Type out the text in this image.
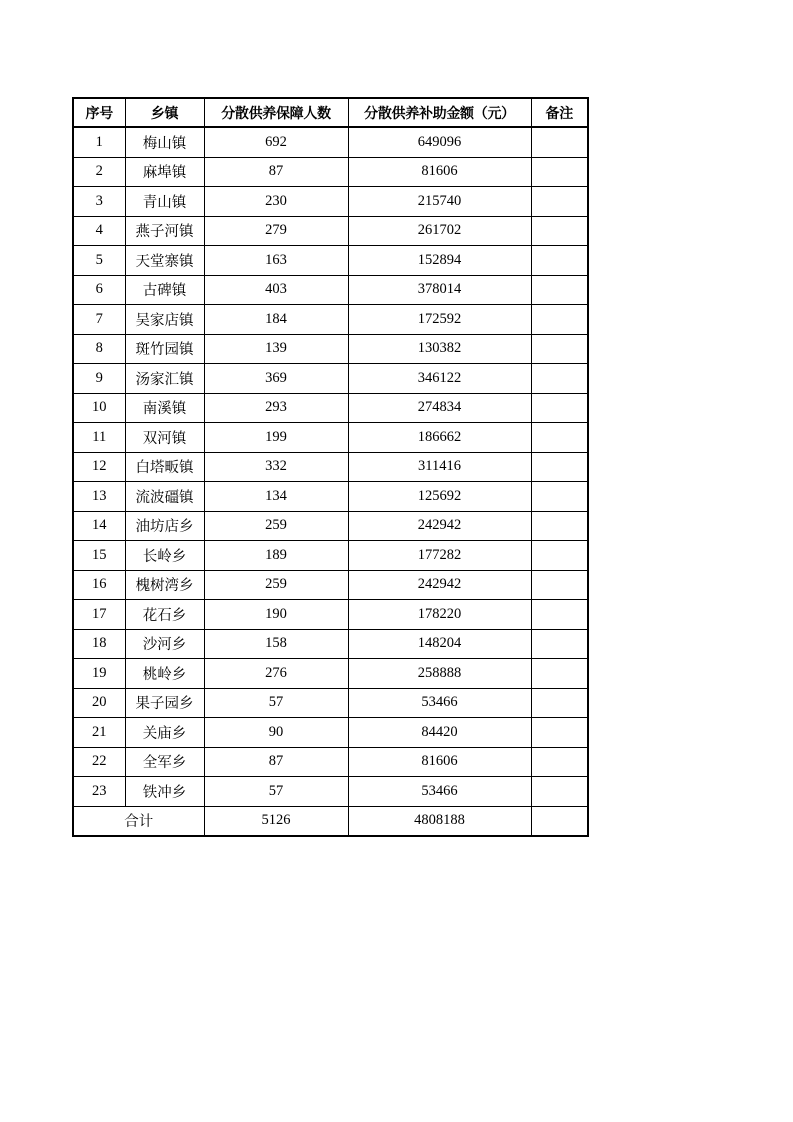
序号	乡镇	分散供养保障人数	分散供养补助金额（元）	备注
1	梅山镇	692	649096	
2	麻埠镇	87	81606	
3	青山镇	230	215740	
4	燕子河镇	279	261702	
5	天堂寨镇	163	152894	
6	古碑镇	403	378014	
7	吴家店镇	184	172592	
8	斑竹园镇	139	130382	
9	汤家汇镇	369	346122	
10	南溪镇	293	274834	
11	双河镇	199	186662	
12	白塔畈镇	332	311416	
13	流波礓镇	134	125692	
14	油坊店乡	259	242942	
15	长岭乡	189	177282	
16	槐树湾乡	259	242942	
17	花石乡	190	178220	
18	沙河乡	158	148204	
19	桃岭乡	276	258888	
20	果子园乡	57	53466	
21	关庙乡	90	84420	
22	全军乡	87	81606	
23	铁冲乡	57	53466	
合计		5126	4808188	
